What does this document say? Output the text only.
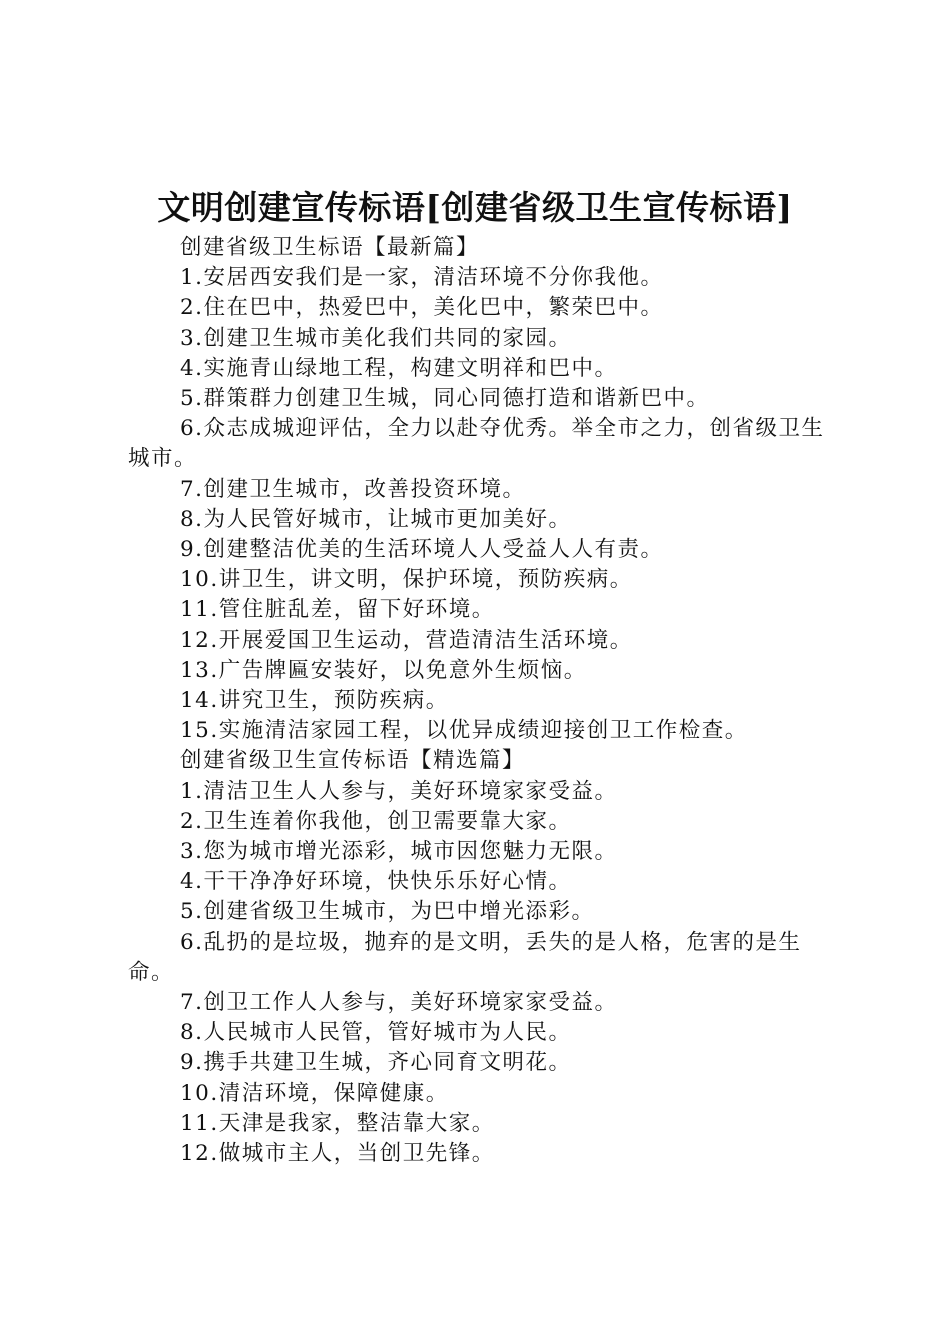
文明创建宣传标语[创建省级卫生宣传标语]

创建省级卫生标语【最新篇】

1.安居西安我们是一家，清洁环境不分你我他。

2.住在巴中，热爱巴中，美化巴中，繁荣巴中。

3.创建卫生城市美化我们共同的家园。

4.实施青山绿地工程，构建文明祥和巴中。

5.群策群力创建卫生城，同心同德打造和谐新巴中。

6.众志成城迎评估，全力以赴夺优秀。举全市之力，创省级卫生城市。

7.创建卫生城市，改善投资环境。

8.为人民管好城市，让城市更加美好。

9.创建整洁优美的生活环境人人受益人人有责。

10.讲卫生，讲文明，保护环境，预防疾病。

11.管住脏乱差，留下好环境。

12.开展爱国卫生运动，营造清洁生活环境。

13.广告牌匾安装好，以免意外生烦恼。

14.讲究卫生，预防疾病。

15.实施清洁家园工程，以优异成绩迎接创卫工作检查。

创建省级卫生宣传标语【精选篇】

1.清洁卫生人人参与，美好环境家家受益。

2.卫生连着你我他，创卫需要靠大家。

3.您为城市增光添彩，城市因您魅力无限。

4.干干净净好环境，快快乐乐好心情。

5.创建省级卫生城市，为巴中增光添彩。

6.乱扔的是垃圾，抛弃的是文明，丢失的是人格，危害的是生命。

7.创卫工作人人参与，美好环境家家受益。

8.人民城市人民管，管好城市为人民。

9.携手共建卫生城，齐心同育文明花。

10.清洁环境，保障健康。

11.天津是我家，整洁靠大家。

12.做城市主人，当创卫先锋。
